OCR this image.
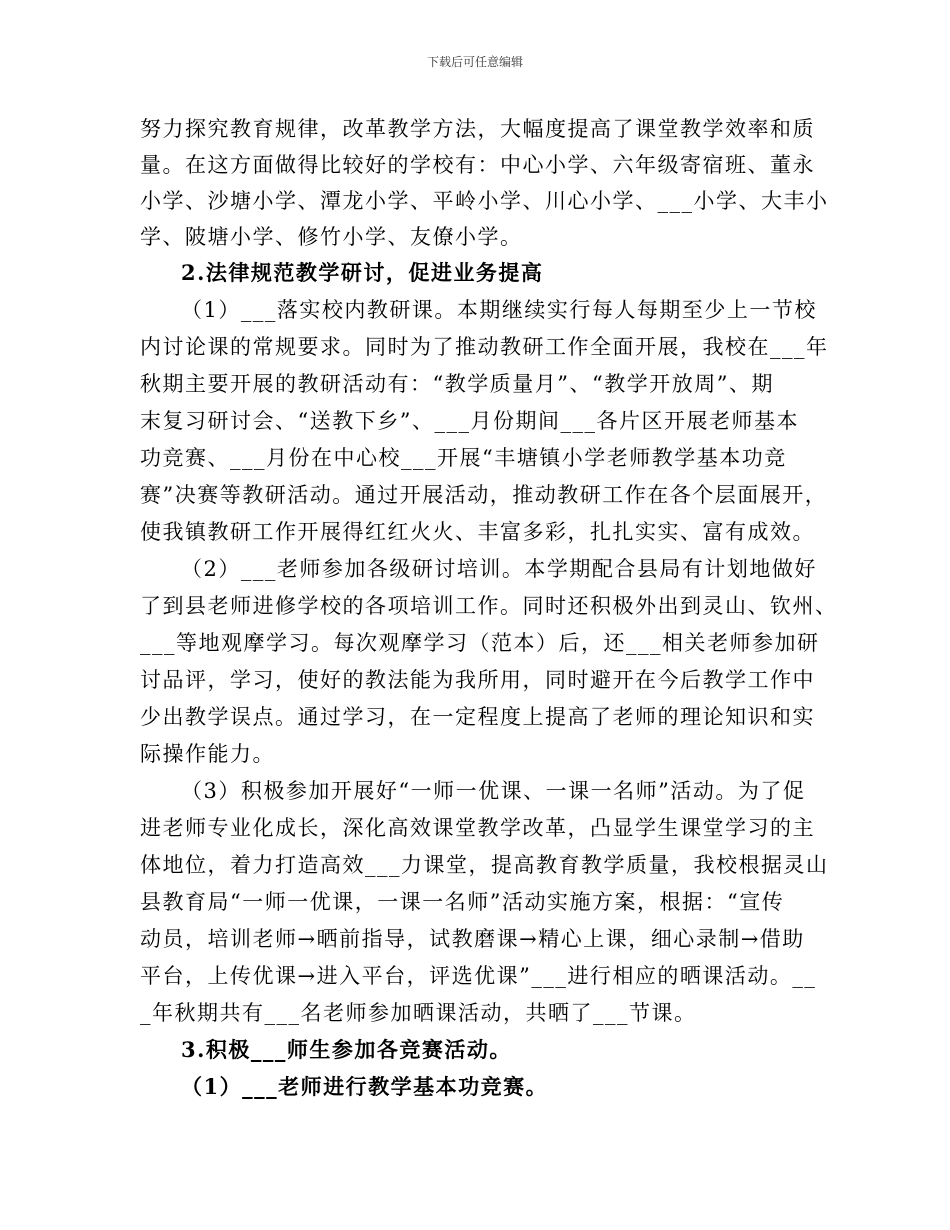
下载后可任意编辑
努力探究教育规律，改革教学方法，大幅度提高了课堂教学效率和质
量。在这方面做得比较好的学校有：中心小学、六年级寄宿班、董永
小学、沙塘小学、潭龙小学、平岭小学、川心小学、___小学、大丰小
学、陂塘小学、修竹小学、友僚小学。
2.法律规范教学研讨，促进业务提高
（1）___落实校内教研课。本期继续实行每人每期至少上一节校
内讨论课的常规要求。同时为了推动教研工作全面开展，我校在___年
秋期主要开展的教研活动有：“教学质量月”、“教学开放周”、期
末复习研讨会、“送教下乡”、___月份期间___各片区开展老师基本
功竞赛、___月份在中心校___开展“丰塘镇小学老师教学基本功竞
赛”决赛等教研活动。通过开展活动，推动教研工作在各个层面展开，
使我镇教研工作开展得红红火火、丰富多彩，扎扎实实、富有成效。
（2）___老师参加各级研讨培训。本学期配合县局有计划地做好
了到县老师进修学校的各项培训工作。同时还积极外出到灵山、钦州、
___等地观摩学习。每次观摩学习（范本）后，还___相关老师参加研
讨品评，学习，使好的教法能为我所用，同时避开在今后教学工作中
少出教学误点。通过学习，在一定程度上提高了老师的理论知识和实
际操作能力。
（3）积极参加开展好“一师一优课、一课一名师”活动。为了促
进老师专业化成长，深化高效课堂教学改革，凸显学生课堂学习的主
体地位，着力打造高效___力课堂，提高教育教学质量，我校根据灵山
县教育局“一师一优课，一课一名师”活动实施方案，根据：“宣传
动员，培训老师→晒前指导，试教磨课→精心上课，细心录制→借助
平台，上传优课→进入平台，评选优课”___进行相应的晒课活动。__
_年秋期共有___名老师参加晒课活动，共晒了___节课。
3.积极___师生参加各竞赛活动。
（1）___老师进行教学基本功竞赛。
